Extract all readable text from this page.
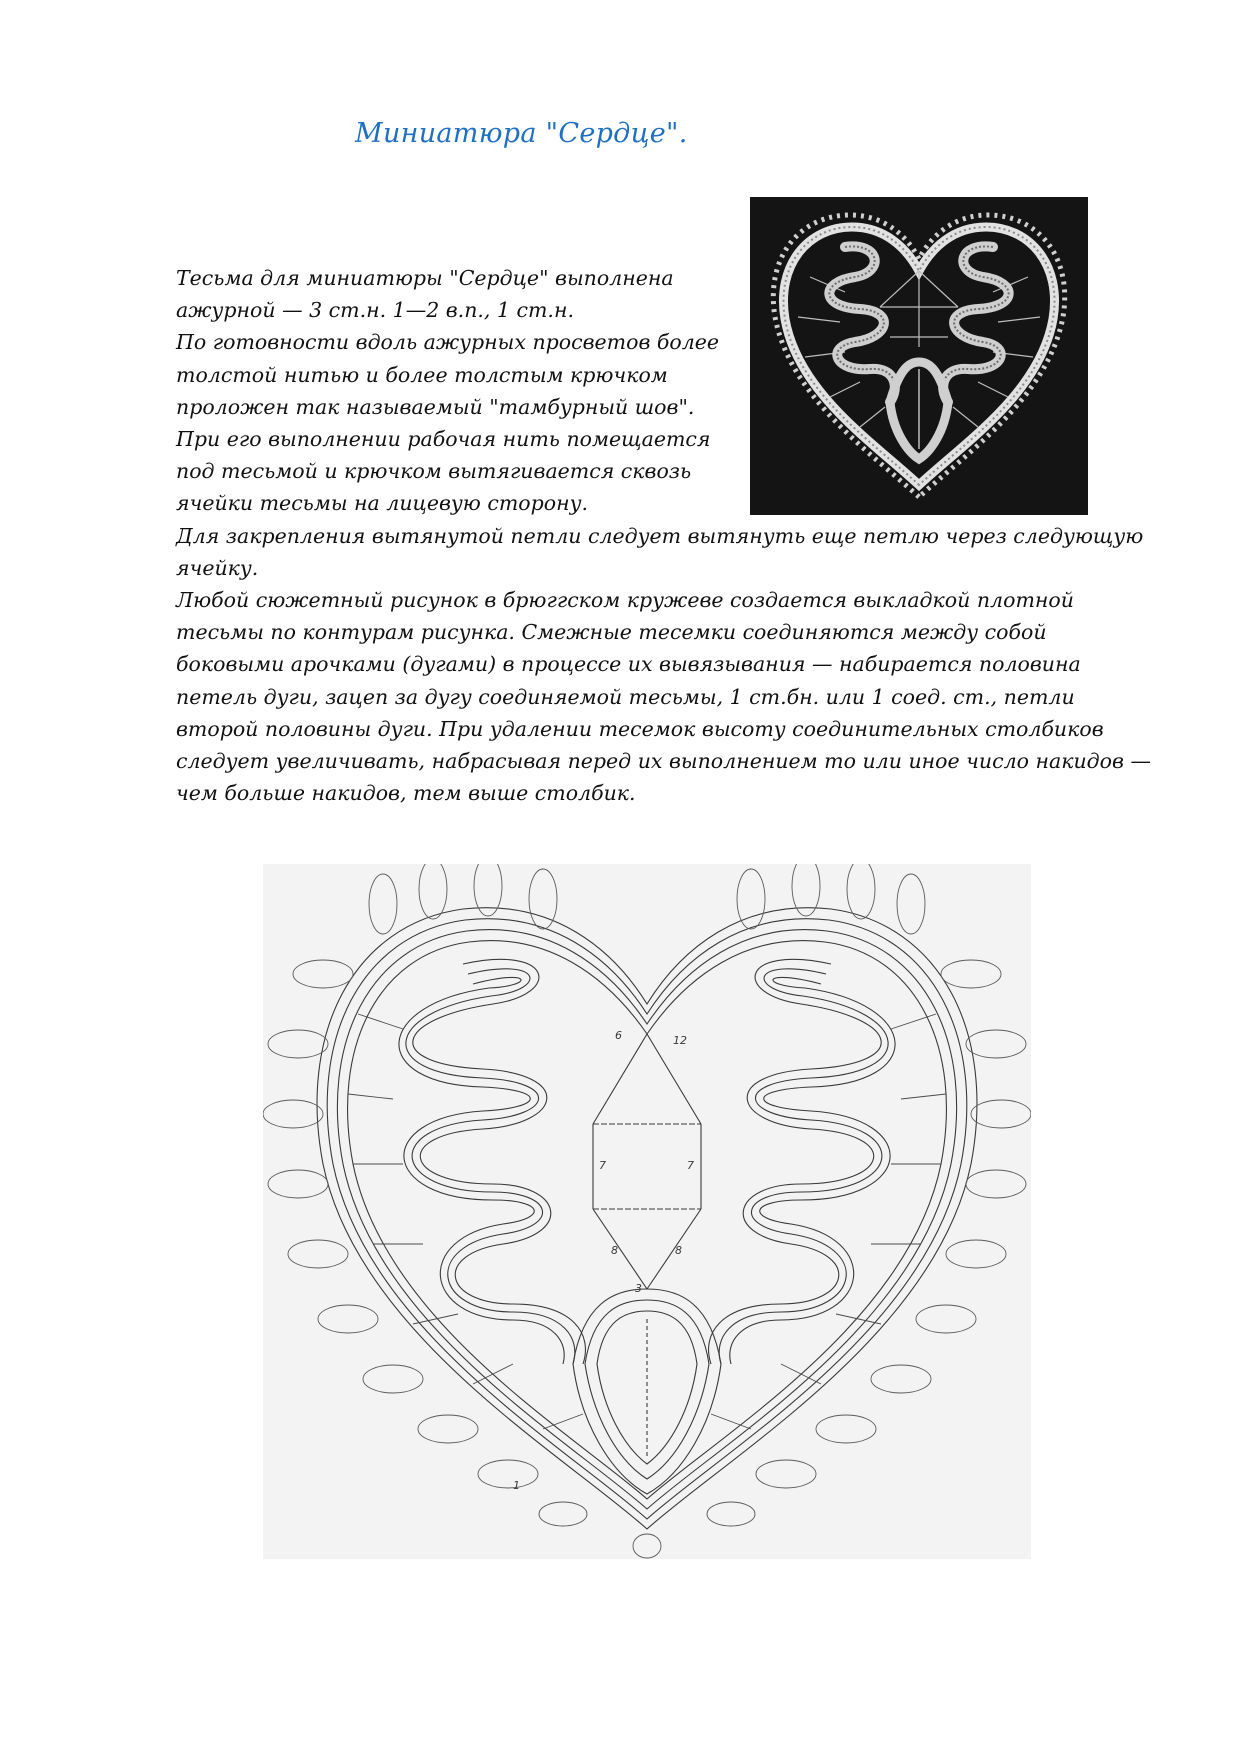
Миниатюра "Сердце".
Тесьма для миниатюры "Сердце" выполнена
ажурной — 3 ст.н. 1—2 в.п., 1 ст.н.
По готовности вдоль ажурных просветов более
толстой нитью и более толстым крючком
проложен так называемый "тамбурный шов".
При его выполнении рабочая нить помещается
под тесьмой и крючком вытягивается сквозь
ячейки тесьмы на лицевую сторону.
Для закрепления вытянутой петли следует вытянуть еще петлю через следующую
ячейку.
Любой сюжетный рисунок в брюггском кружеве создается выкладкой плотной
тесьмы по контурам рисунка. Смежные тесемки соединяются между собой
боковыми арочками (дугами) в процессе их вывязывания — набирается половина
петель дуги, зацеп за дугу соединяемой тесьмы, 1 ст.бн. или 1 соед. ст., петли
второй половины дуги. При удалении тесемок высоту соединительных столбиков
следует увеличивать, набрасывая перед их выполнением то или иное число накидов —
чем больше накидов, тем выше столбик.
6	12
7	7
8	8
3
1
